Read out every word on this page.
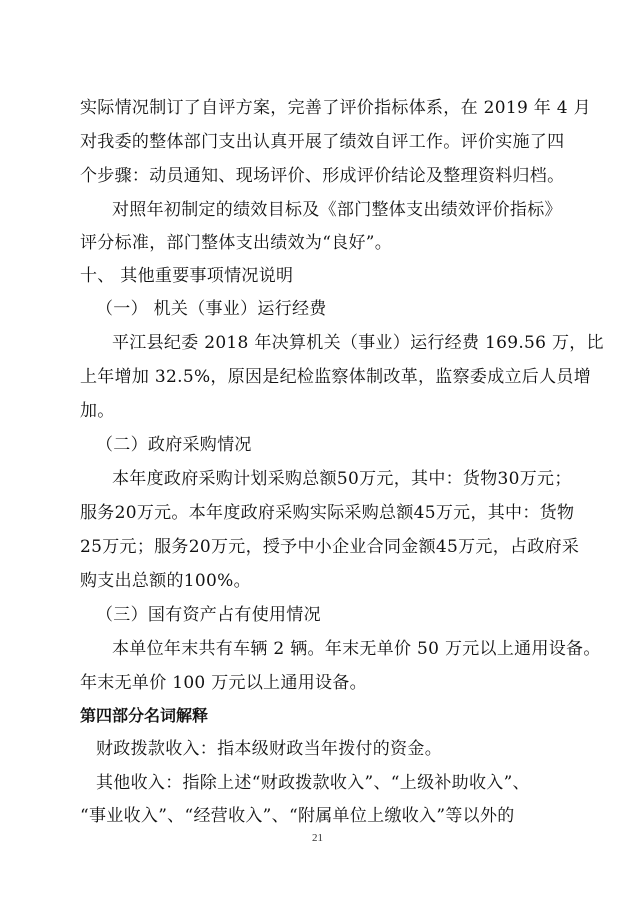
实际情况制订了自评方案，完善了评价指标体系，在 2019 年 4 月
对我委的整体部门支出认真开展了绩效自评工作。评价实施了四
个步骤：动员通知、现场评价、形成评价结论及整理资料归档。
对照年初制定的绩效目标及《部门整体支出绩效评价指标》
评分标准，部门整体支出绩效为“良好”。
十、 其他重要事项情况说明
（一） 机关（事业）运行经费
平江县纪委 2018 年决算机关（事业）运行经费 169.56 万，比
上年增加 32.5%，原因是纪检监察体制改革，监察委成立后人员增
加。
（二）政府采购情况
本年度政府采购计划采购总额50万元，其中：货物30万元；
服务20万元。本年度政府采购实际采购总额45万元，其中：货物
25万元；服务20万元，授予中小企业合同金额45万元，占政府采
购支出总额的100%。
（三）国有资产占有使用情况
本单位年末共有车辆 2 辆。年末无单价 50 万元以上通用设备。
年末无单价 100 万元以上通用设备。
第四部分名词解释
财政拨款收入：指本级财政当年拨付的资金。
其他收入：指除上述“财政拨款收入”、“上级补助收入”、
“事业收入”、“经营收入”、“附属单位上缴收入”等以外的
21
